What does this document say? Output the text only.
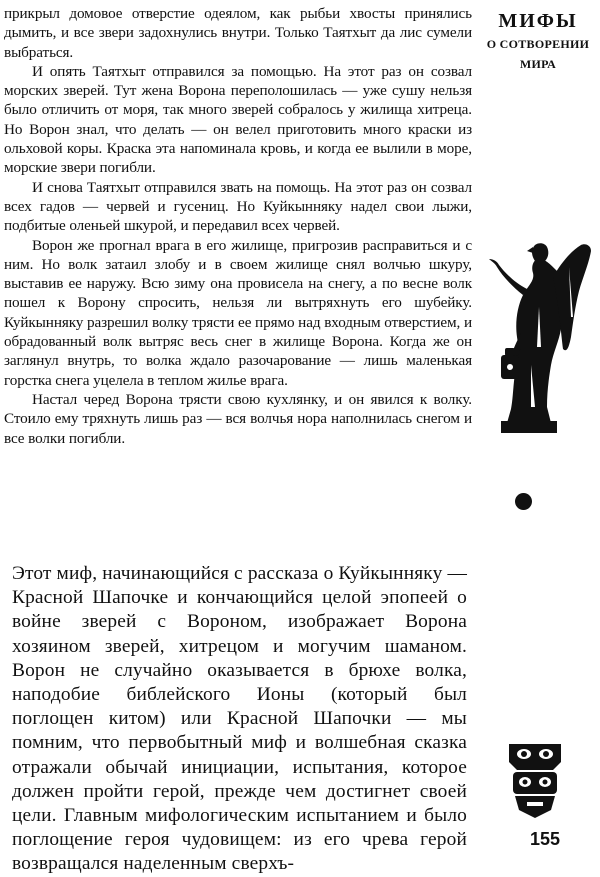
МИФЫ
О СОТВОРЕНИИ
МИРА

прикрыл домовое отверстие одеялом, как рыбьи хвосты принялись дымить, и все звери задохнулись внутри. Только Таятхыт да лис сумели выбраться.

И опять Таятхыт отправился за помощью. На этот раз он созвал морских зверей. Тут жена Ворона переполошилась — уже сушу нельзя было отличить от моря, так много зверей собралось у жилища хитреца. Но Ворон знал, что делать — он велел приготовить много краски из ольховой коры. Краска эта напоминала кровь, и когда ее вылили в море, морские звери погибли.

И снова Таятхыт отправился звать на помощь. На этот раз он созвал всех гадов — червей и гусениц. Но Куйкынняку надел свои лыжи, подбитые оленьей шкурой, и передавил всех червей.

Ворон же прогнал врага в его жилище, пригрозив расправиться и с ним. Но волк затаил злобу и в своем жилище снял волчью шкуру, выставив ее наружу. Всю зиму она провисела на снегу, а по весне волк пошел к Ворону спросить, нельзя ли вытряхнуть его шубейку. Куйкынняку разрешил волку трясти ее прямо над входным отверстием, и обрадованный волк вытряс весь снег в жилище Ворона. Когда же он заглянул внутрь, то волка ждало разочарование — лишь маленькая горстка снега уцелела в теплом жилье врага.

Настал черед Ворона трясти свою кухлянку, и он явился к волку. Стоило ему тряхнуть лишь раз — вся волчья нора наполнилась снегом и все волки погибли.

Этот миф, начинающийся с рассказа о Куйкынняку — Красной Шапочке и кончающийся целой эпопеей о войне зверей с Вороном, изображает Ворона хозяином зверей, хитрецом и могучим шаманом. Ворон не случайно оказывается в брюхе волка, наподобие библейского Ионы (который был поглощен китом) или Красной Шапочки — мы помним, что первобытный миф и волшебная сказка отражали обычай инициации, испытания, которое должен пройти герой, прежде чем достигнет своей цели. Главным мифологическим испытанием и было поглощение героя чудовищем: из его чрева герой возвращался наделенным сверхъ-

155
